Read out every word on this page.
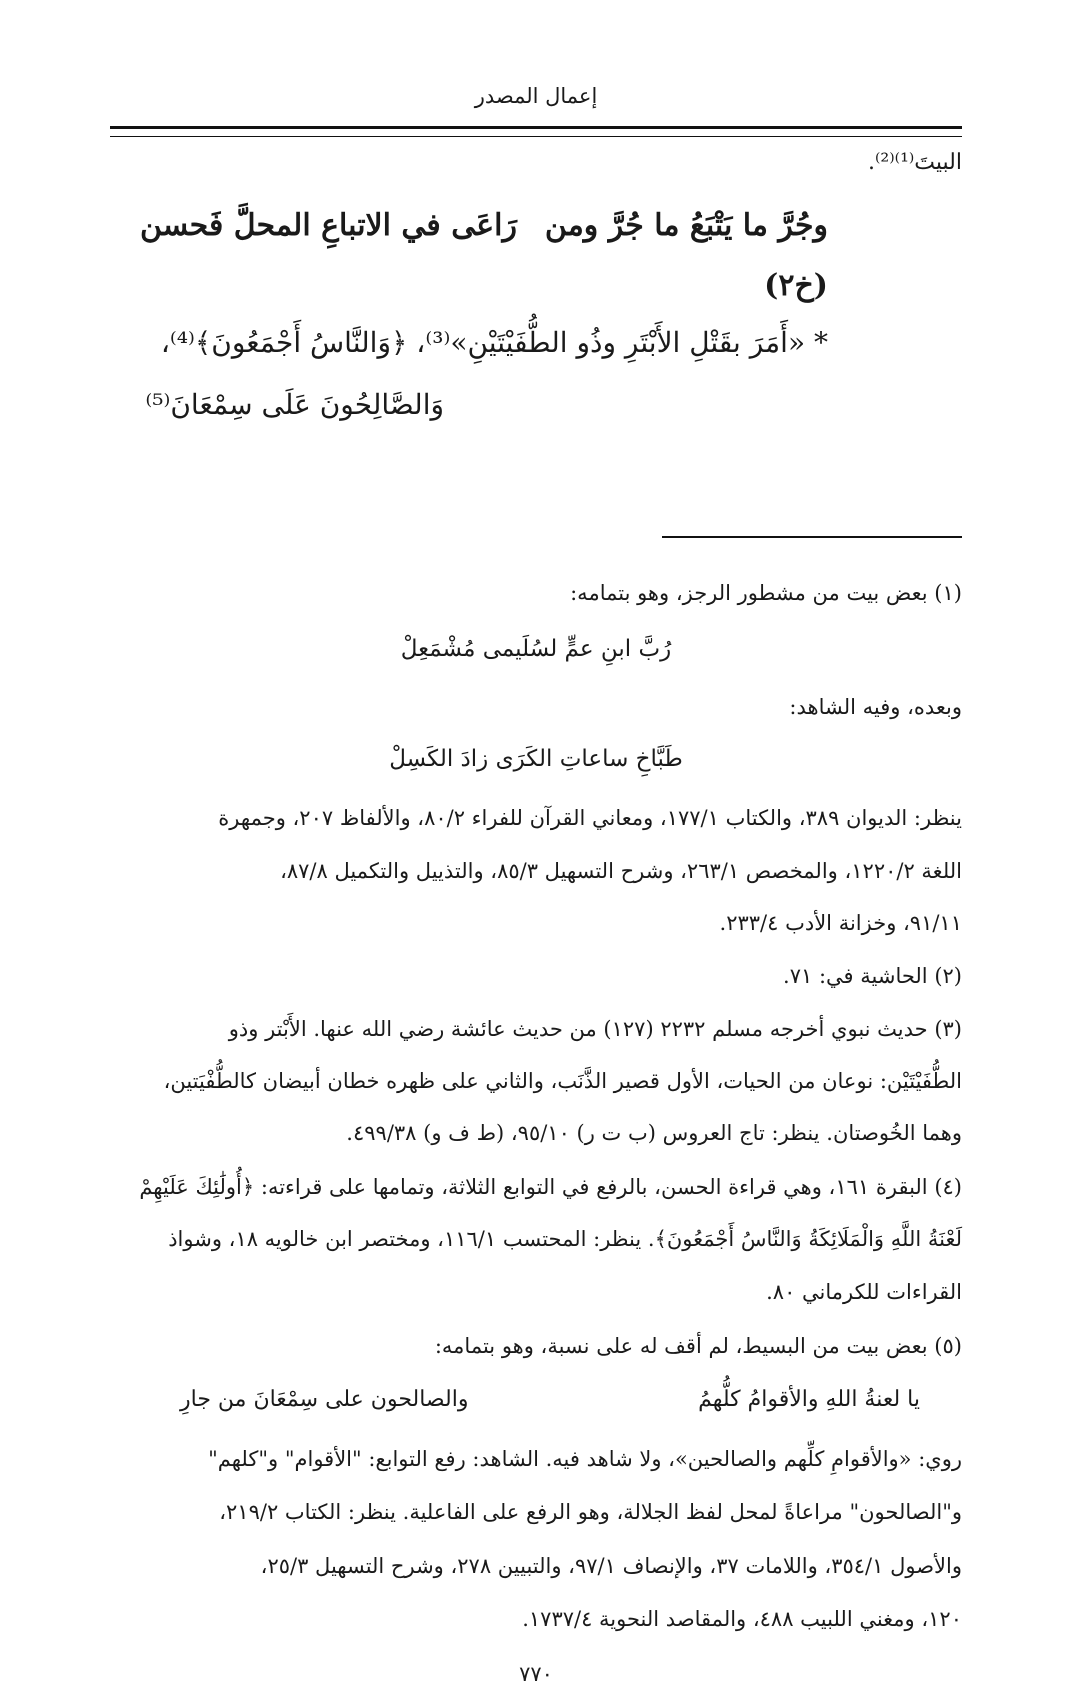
إعمال المصدر
البيتَ⁽¹⁾⁽²⁾.
وجُرَّ ما يَتْبَعُ ما جُرَّ ومن
رَاعَى في الاتباعِ المحلَّ فَحسن
(خ٢)
* «أَمَرَ بقَتْلِ الأَبْتَرِ وذُو الطُّفَيْتَيْنِ»⁽³⁾، ﴿وَالنَّاسُ أَجْمَعُونَ﴾⁽⁴⁾،
وَالصَّالِحُونَ عَلَى سِمْعَانَ⁽⁵⁾
(١) بعض بيت من مشطور الرجز، وهو بتمامه:
رُبَّ ابنِ عمٍّ لسُلَيمى مُشْمَعِلْ
وبعده، وفيه الشاهد:
طَبَّاخِ ساعاتِ الكَرَى زادَ الكَسِلْ
ينظر: الديوان ٣٨٩، والكتاب ١٧٧/١، ومعاني القرآن للفراء ٨٠/٢، والألفاظ ٢٠٧، وجمهرة
اللغة ١٢٢٠/٢، والمخصص ٢٦٣/١، وشرح التسهيل ٨٥/٣، والتذييل والتكميل ٨٧/٨،
٩١/١١، وخزانة الأدب ٢٣٣/٤.
(٢) الحاشية في: ٧١.
(٣) حديث نبوي أخرجه مسلم ٢٢٣٢ (١٢٧) من حديث عائشة رضي الله عنها. الأَبْتر وذو
الطُّفَيْتَيْن: نوعان من الحيات، الأول قصير الذَّنَب، والثاني على ظهره خطان أبيضان كالطُّفْيَتين،
وهما الخُوصتان. ينظر: تاج العروس (ب ت ر) ٩٥/١٠، (ط ف و) ٤٩٩/٣٨.
(٤) البقرة ١٦١، وهي قراءة الحسن، بالرفع في التوابع الثلاثة، وتمامها على قراءته: ﴿أُولَٰئِكَ عَلَيْهِمْ
لَعْنَةُ اللَّهِ وَالْمَلَائِكَةُ وَالنَّاسُ أَجْمَعُونَ﴾. ينظر: المحتسب ١١٦/١، ومختصر ابن خالويه ١٨، وشواذ
القراءات للكرماني ٨٠.
(٥) بعض بيت من البسيط، لم أقف له على نسبة، وهو بتمامه:
يا لعنةُ اللهِ والأقوامُ كلُّهمُ
والصالحون على سِمْعَانَ من جارِ
روي: «والأقوامِ كلِّهم والصالحين»، ولا شاهد فيه. الشاهد: رفع التوابع: "الأقوام" و"كلهم"
و"الصالحون" مراعاةً لمحل لفظ الجلالة، وهو الرفع على الفاعلية. ينظر: الكتاب ٢١٩/٢،
والأصول ٣٥٤/١، واللامات ٣٧، والإنصاف ٩٧/١، والتبيين ٢٧٨، وشرح التسهيل ٢٥/٣،
١٢٠، ومغني اللبيب ٤٨٨، والمقاصد النحوية ١٧٣٧/٤.
٧٧٠
